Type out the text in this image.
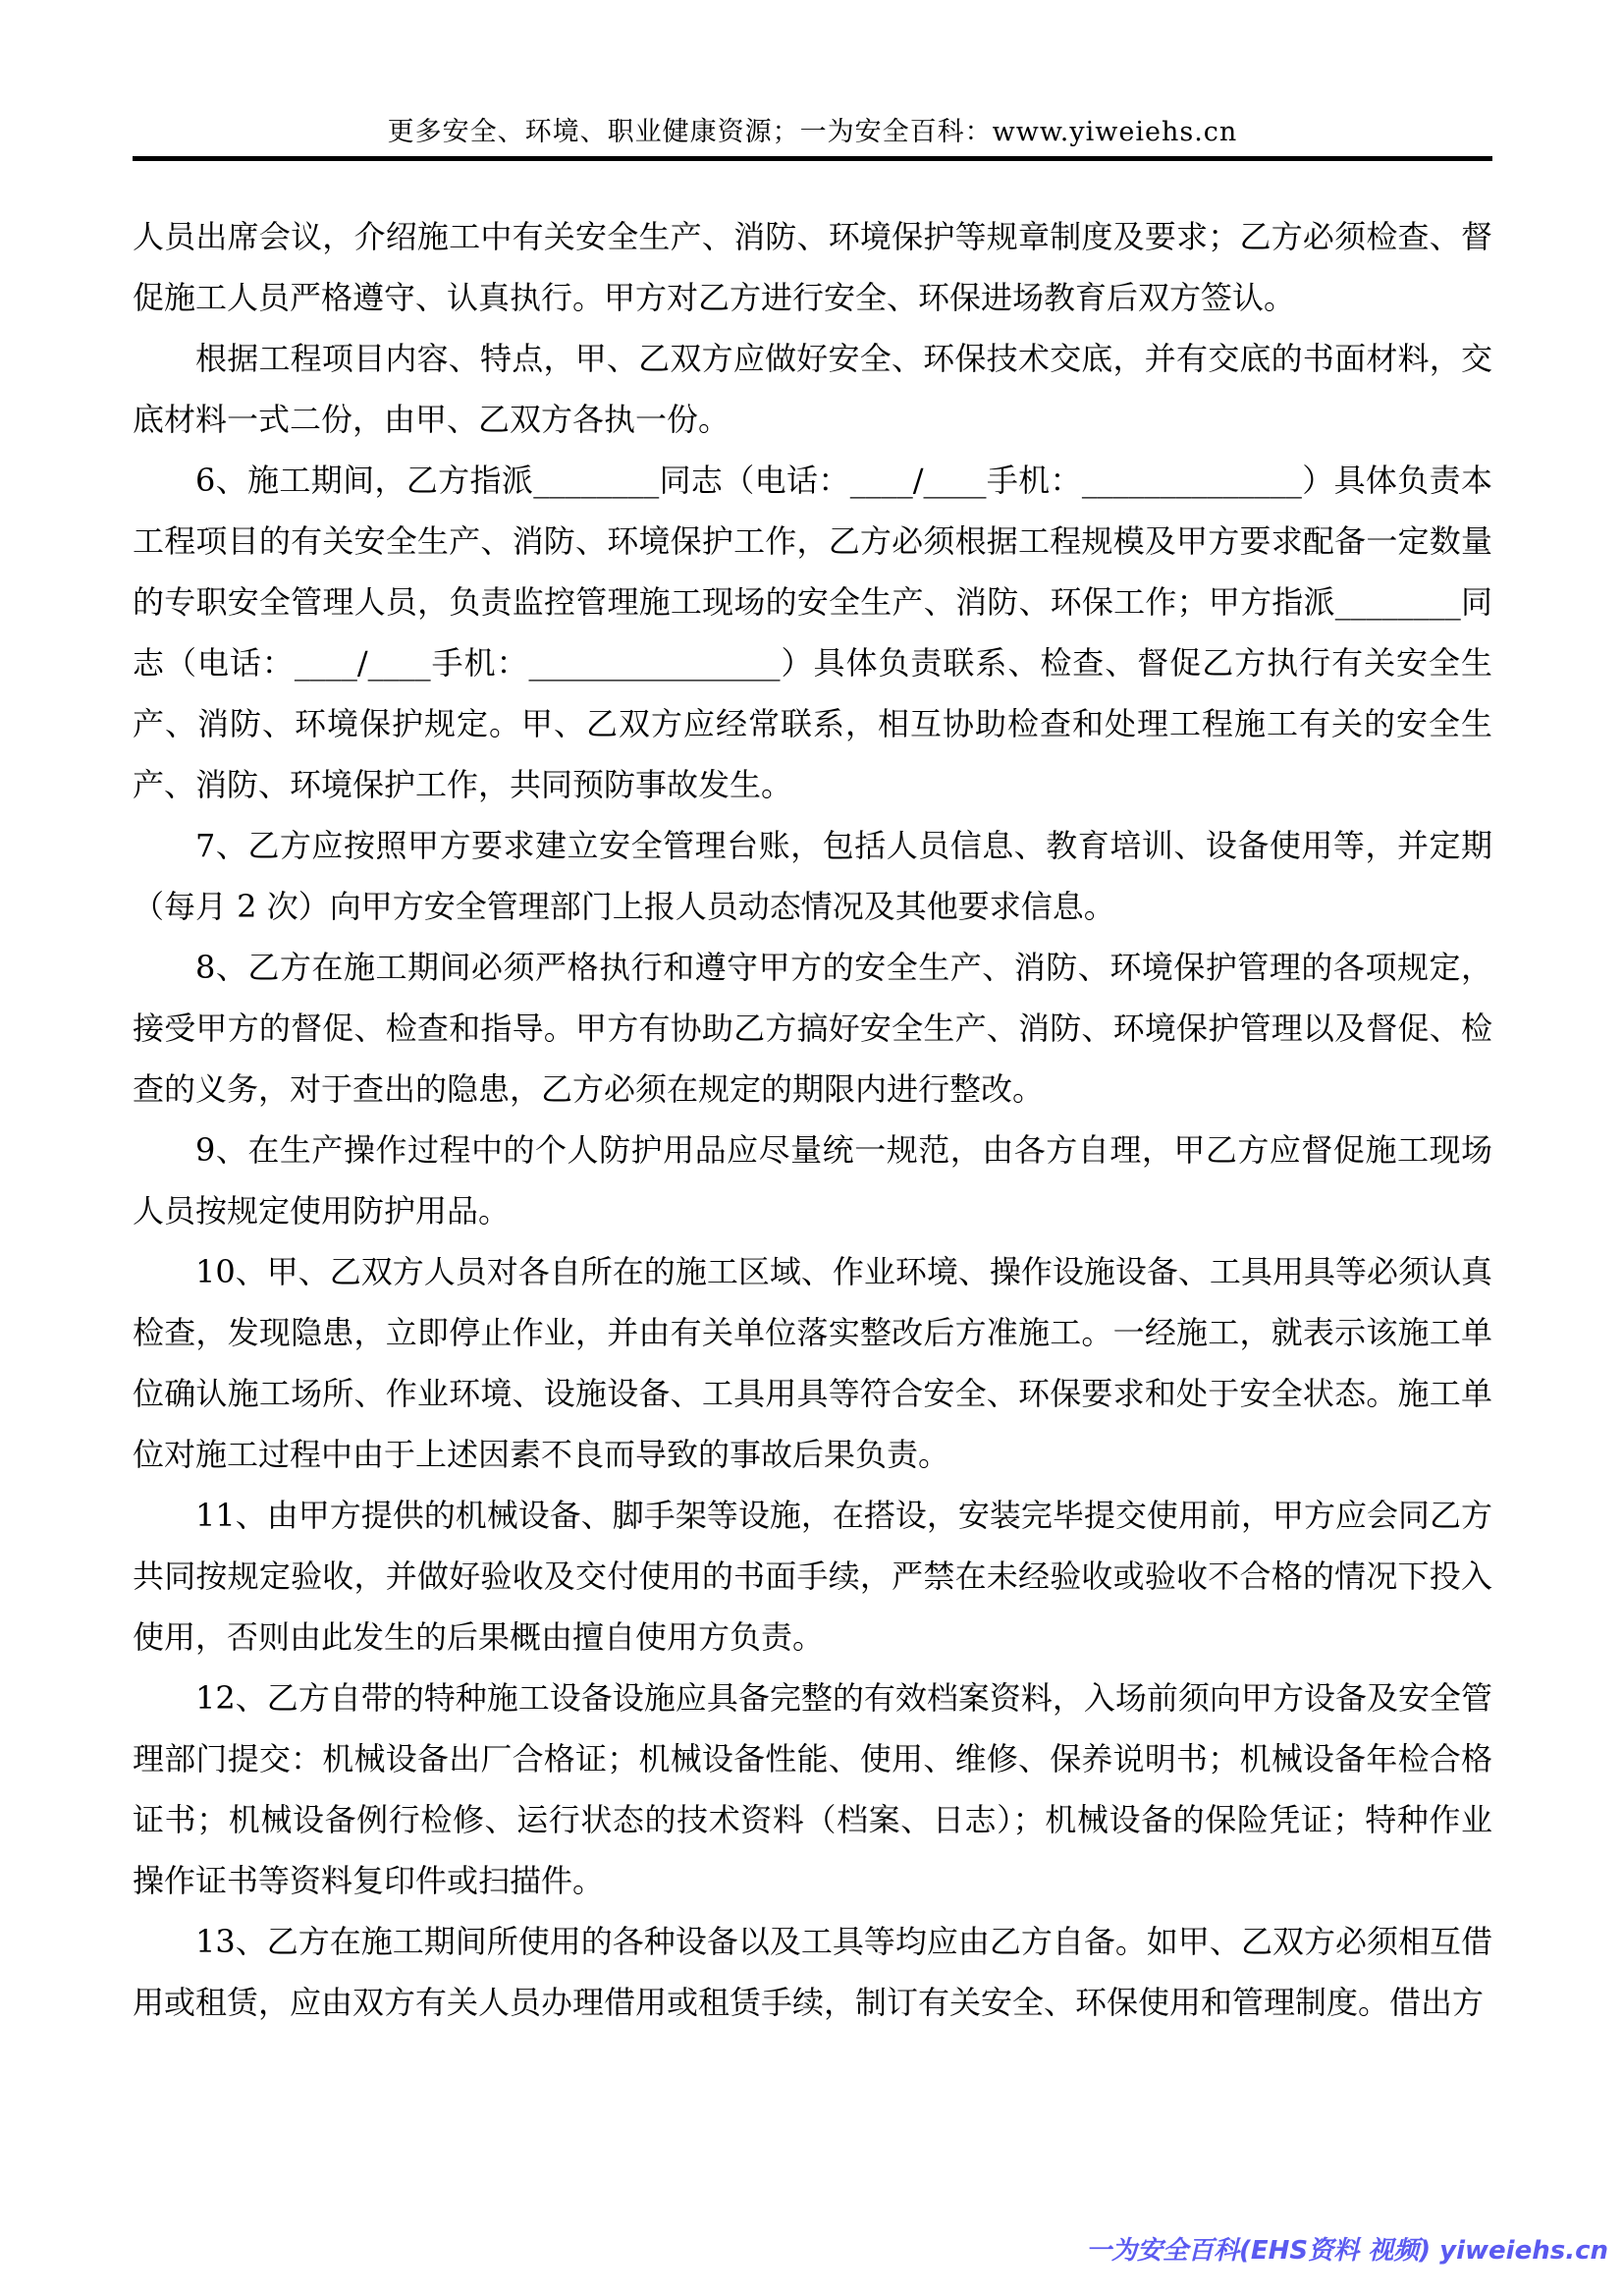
更多安全、环境、职业健康资源；一为安全百科：www.yiweiehs.cn
人员出席会议，介绍施工中有关安全生产、消防、环境保护等规章制度及要求；乙方必须检查、督促施工人员严格遵守、认真执行。甲方对乙方进行安全、环保进场教育后双方签认。
根据工程项目内容、特点，甲、乙双方应做好安全、环保技术交底，并有交底的书面材料，交底材料一式二份，由甲、乙双方各执一份。
6、施工期间，乙方指派________同志（电话：____/____手机：______________）具体负责本工程项目的有关安全生产、消防、环境保护工作，乙方必须根据工程规模及甲方要求配备一定数量的专职安全管理人员，负责监控管理施工现场的安全生产、消防、环保工作；甲方指派________同志（电话：____/____手机：________________）具体负责联系、检查、督促乙方执行有关安全生产、消防、环境保护规定。甲、乙双方应经常联系，相互协助检查和处理工程施工有关的安全生产、消防、环境保护工作，共同预防事故发生。
7、乙方应按照甲方要求建立安全管理台账，包括人员信息、教育培训、设备使用等，并定期（每月 2 次）向甲方安全管理部门上报人员动态情况及其他要求信息。
8、乙方在施工期间必须严格执行和遵守甲方的安全生产、消防、环境保护管理的各项规定，接受甲方的督促、检查和指导。甲方有协助乙方搞好安全生产、消防、环境保护管理以及督促、检查的义务，对于查出的隐患，乙方必须在规定的期限内进行整改。
9、在生产操作过程中的个人防护用品应尽量统一规范，由各方自理，甲乙方应督促施工现场人员按规定使用防护用品。
10、甲、乙双方人员对各自所在的施工区域、作业环境、操作设施设备、工具用具等必须认真检查，发现隐患，立即停止作业，并由有关单位落实整改后方准施工。一经施工，就表示该施工单位确认施工场所、作业环境、设施设备、工具用具等符合安全、环保要求和处于安全状态。施工单位对施工过程中由于上述因素不良而导致的事故后果负责。
11、由甲方提供的机械设备、脚手架等设施，在搭设，安装完毕提交使用前，甲方应会同乙方共同按规定验收，并做好验收及交付使用的书面手续，严禁在未经验收或验收不合格的情况下投入使用，否则由此发生的后果概由擅自使用方负责。
12、乙方自带的特种施工设备设施应具备完整的有效档案资料，入场前须向甲方设备及安全管理部门提交：机械设备出厂合格证；机械设备性能、使用、维修、保养说明书；机械设备年检合格证书；机械设备例行检修、运行状态的技术资料（档案、日志）；机械设备的保险凭证；特种作业操作证书等资料复印件或扫描件。
13、乙方在施工期间所使用的各种设备以及工具等均应由乙方自备。如甲、乙双方必须相互借用或租赁，应由双方有关人员办理借用或租赁手续，制订有关安全、环保使用和管理制度。借出方
一为安全百科(EHS资料 视频) yiweiehs.cn
